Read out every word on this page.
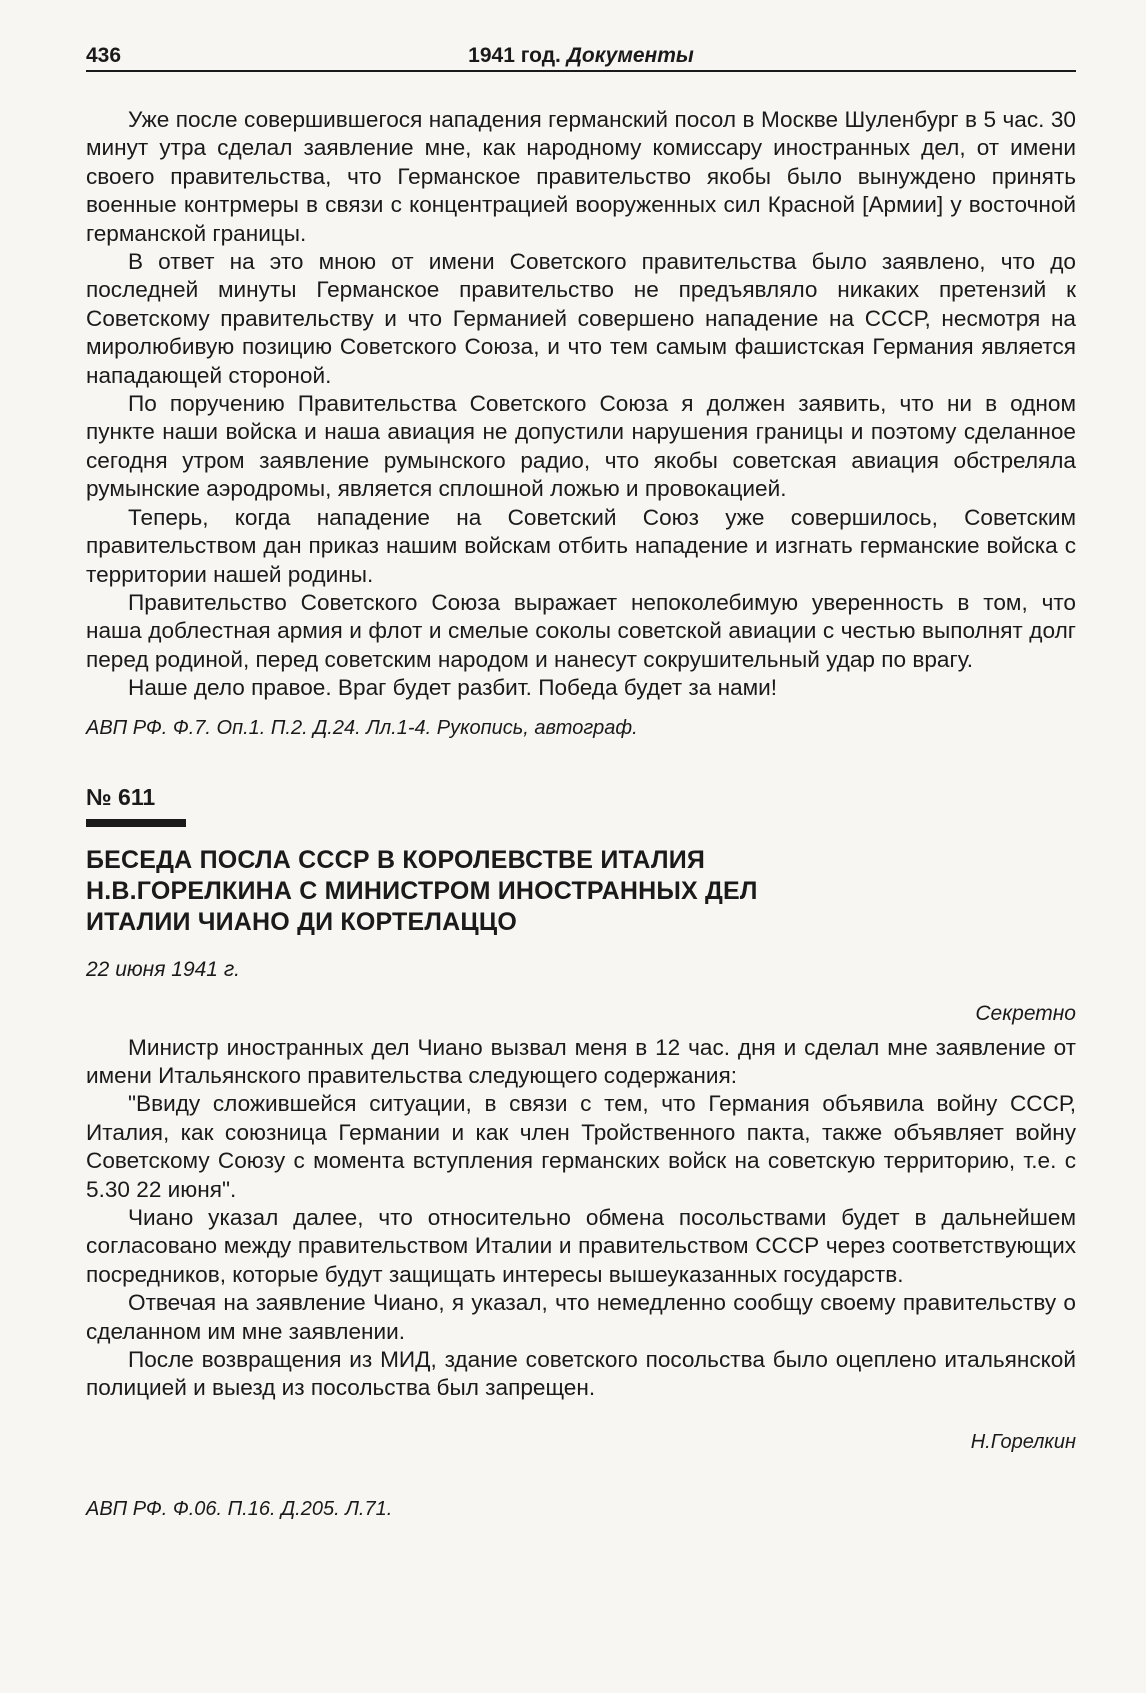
436	1941 год. Документы

Уже после совершившегося нападения германский посол в Москве Шуленбург в 5 час. 30 минут утра сделал заявление мне, как народному комиссару иностранных дел, от имени своего правительства, что Германское правительство якобы было вынуждено принять военные контрмеры в связи с концентрацией вооруженных сил Красной [Армии] у восточной германской границы.

В ответ на это мною от имени Советского правительства было заявлено, что до последней минуты Германское правительство не предъявляло никаких претензий к Советскому правительству и что Германией совершено нападение на СССР, несмотря на миролюбивую позицию Советского Союза, и что тем самым фашистская Германия является нападающей стороной.

По поручению Правительства Советского Союза я должен заявить, что ни в одном пункте наши войска и наша авиация не допустили нарушения границы и поэтому сделанное сегодня утром заявление румынского радио, что якобы советская авиация обстреляла румынские аэродромы, является сплошной ложью и провокацией.

Теперь, когда нападение на Советский Союз уже совершилось, Советским правительством дан приказ нашим войскам отбить нападение и изгнать германские войска с территории нашей родины.

Правительство Советского Союза выражает непоколебимую уверенность в том, что наша доблестная армия и флот и смелые соколы советской авиации с честью выполнят долг перед родиной, перед советским народом и нанесут сокрушительный удар по врагу.

Наше дело правое. Враг будет разбит. Победа будет за нами!

АВП РФ. Ф.7. Оп.1. П.2. Д.24. Лл.1-4. Рукопись, автограф.
№ 611
БЕСЕДА ПОСЛА СССР В КОРОЛЕВСТВЕ ИТАЛИЯ
Н.В.ГОРЕЛКИНА С МИНИСТРОМ ИНОСТРАННЫХ ДЕЛ
ИТАЛИИ ЧИАНО ДИ КОРТЕЛАЦЦО
22 июня 1941 г.
Секретно

Министр иностранных дел Чиано вызвал меня в 12 час. дня и сделал мне заявление от имени Итальянского правительства следующего содержания:

"Ввиду сложившейся ситуации, в связи с тем, что Германия объявила войну СССР, Италия, как союзница Германии и как член Тройственного пакта, также объявляет войну Советскому Союзу с момента вступления германских войск на советскую территорию, т.е. с 5.30 22 июня".

Чиано указал далее, что относительно обмена посольствами будет в дальнейшем согласовано между правительством Италии и правительством СССР через соответствующих посредников, которые будут защищать интересы вышеуказанных государств.

Отвечая на заявление Чиано, я указал, что немедленно сообщу своему правительству о сделанном им мне заявлении.

После возвращения из МИД, здание советского посольства было оцеплено итальянской полицией и выезд из посольства был запрещен.

Н.Горелкин
АВП РФ. Ф.06. П.16. Д.205. Л.71.
